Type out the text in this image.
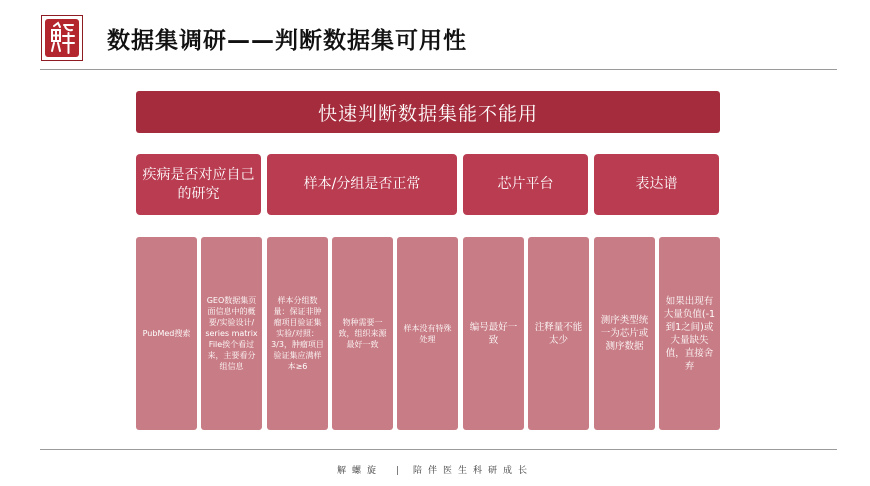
数据集调研——判断数据集可用性
快速判断数据集能不能用
疾病是否对应自己的研究
样本/分组是否正常	芯片平台	表达谱
PubMed搜索
GEO数据集页面信息中的概要/实验设计/ series matrix File挨个看过来，主要看分组信息
样本分组数量：保证非肿瘤项目验证集实验/对照：3/3，肿瘤项目验证集应满样本≥6
物种需要一致，组织来源最好一致
样本没有特殊处理
编号最好一致
注释量不能太少
测序类型统一为芯片或测序数据
如果出现有大量负值(-1到1之间)或大量缺失值，直接舍弃
解螺旋 | 陪伴医生科研成长
